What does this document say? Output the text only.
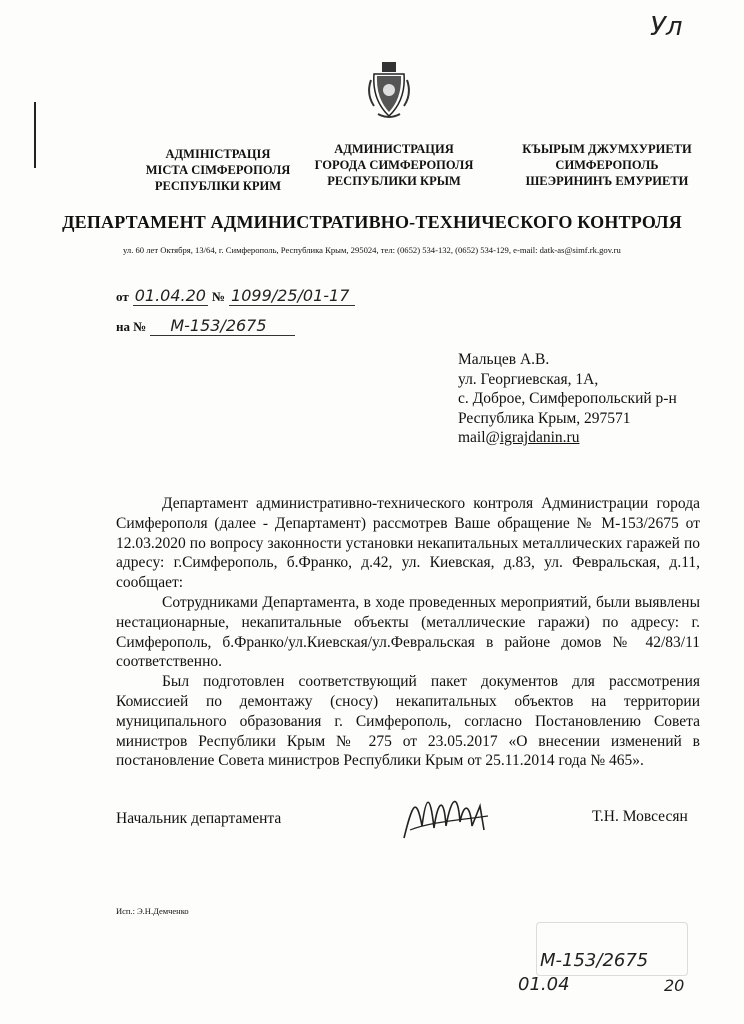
Ул
АДМІНІСТРАЦІЯ
МІСТА СІМФЕРОПОЛЯ
РЕСПУБЛІКИ КРИМ
АДМИНИСТРАЦИЯ
ГОРОДА СИМФЕРОПОЛЯ
РЕСПУБЛИКИ КРЫМ
КЪЫРЫМ ДЖУМХУРИЕТИ
СИМФЕРОПОЛЬ
ШЕЭРИНИНЪ ЕМУРИЕТИ
ДЕПАРТАМЕНТ АДМИНИСТРАТИВНО-ТЕХНИЧЕСКОГО КОНТРОЛЯ
ул. 60 лет Октября, 13/64, г. Симферополь, Республика Крым, 295024, тел: (0652) 534-132, (0652) 534-129, e-mail: datk-as@simf.rk.gov.ru
от 01.04.20 № 1099/25/01-17
на № М-153/2675
Мальцев А.В.
ул. Георгиевская, 1А,
с. Доброе, Симферопольский р-н
Республика Крым, 297571
mail@igrajdanin.ru

Департамент административно-технического контроля Администрации города Симферополя (далее - Департамент) рассмотрев Ваше обращение № М-153/2675 от 12.03.2020 по вопросу законности установки некапитальных металлических гаражей по адресу: г.Симферополь, б.Франко, д.42, ул. Киевская, д.83, ул. Февральская, д.11, сообщает:

Сотрудниками Департамента, в ходе проведенных мероприятий, были выявлены нестационарные, некапитальные объекты (металлические гаражи) по адресу: г. Симферополь, б.Франко/ул.Киевская/ул.Февральская в районе домов № 42/83/11 соответственно.

Был подготовлен соответствующий пакет документов для рассмотрения Комиссией по демонтажу (сносу) некапитальных объектов на территории муниципального образования г. Симферополь, согласно Постановлению Совета министров Республики Крым № 275 от 23.05.2017 «О внесении изменений в постановление Совета министров Республики Крым от 25.11.2014 года № 465».

Начальник департамента	Т.Н. Мовсесян
Исп.: Э.Н.Демченко
М-153/2675
01.04	20
